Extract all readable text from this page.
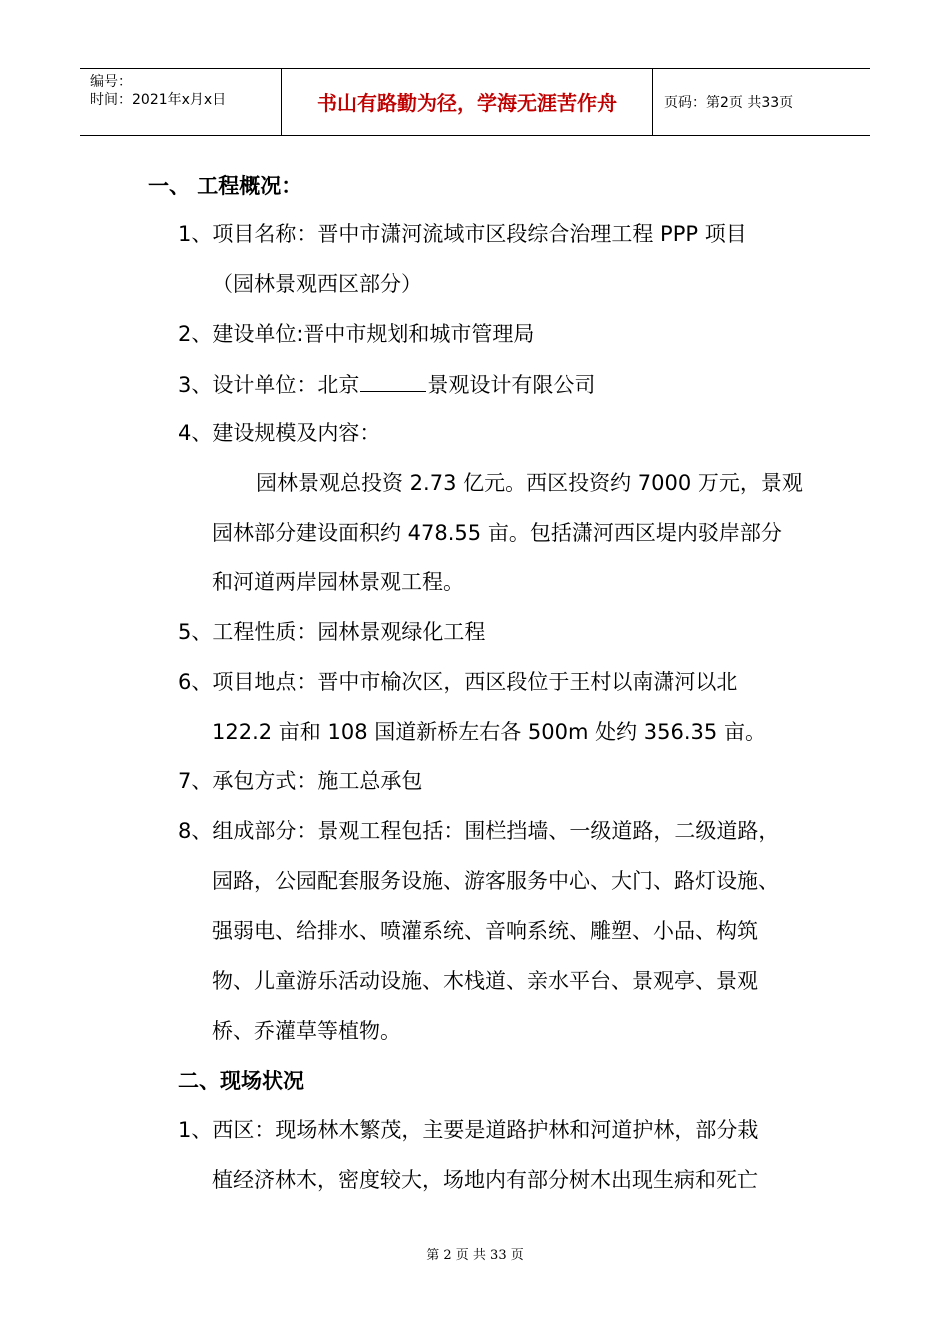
编号：
时间：2021年x月x日	书山有路勤为径，学海无涯苦作舟	页码：第2页 共33页
一、 工程概况：
1、项目名称：晋中市潇河流域市区段综合治理工程 PPP 项目
（园林景观西区部分）
2、建设单位:晋中市规划和城市管理局
3、设计单位：北京	景观设计有限公司
4、建设规模及内容：
园林景观总投资 2.73 亿元。西区投资约 7000 万元，景观
园林部分建设面积约 478.55 亩。包括潇河西区堤内驳岸部分
和河道两岸园林景观工程。
5、工程性质：园林景观绿化工程
6、项目地点：晋中市榆次区，西区段位于王村以南潇河以北
122.2 亩和 108 国道新桥左右各 500m 处约 356.35 亩。
7、承包方式：施工总承包
8、组成部分：景观工程包括：围栏挡墙、一级道路，二级道路，
园路，公园配套服务设施、游客服务中心、大门、路灯设施、
强弱电、给排水、喷灌系统、音响系统、雕塑、小品、构筑
物、儿童游乐活动设施、木栈道、亲水平台、景观亭、景观
桥、乔灌草等植物。
二、现场状况
1、西区：现场林木繁茂，主要是道路护林和河道护林，部分栽
植经济林木，密度较大，场地内有部分树木出现生病和死亡
第 2 页 共 33 页
